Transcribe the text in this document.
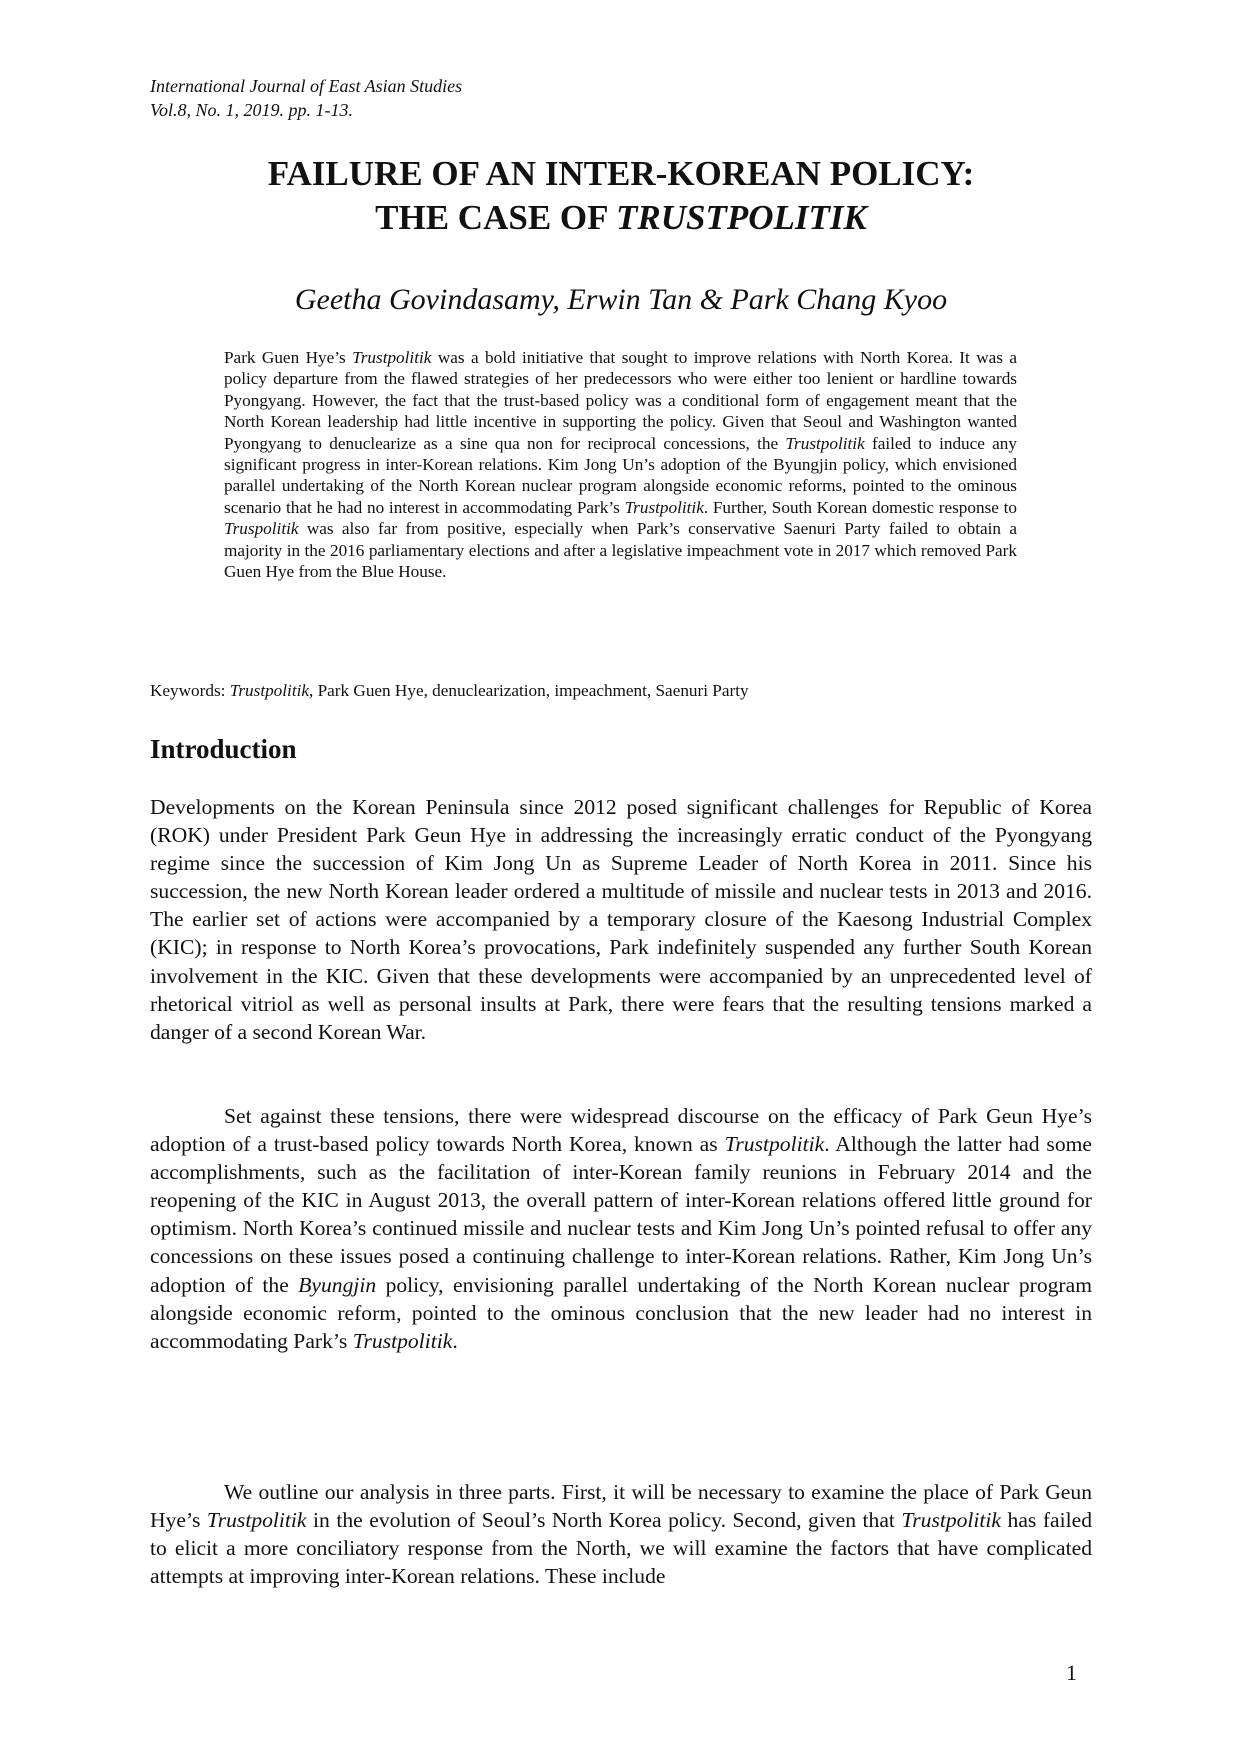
International Journal of East Asian Studies
Vol.8, No. 1, 2019. pp. 1-13.
FAILURE OF AN INTER-KOREAN POLICY:
THE CASE OF TRUSTPOLITIK
Geetha Govindasamy, Erwin Tan & Park Chang Kyoo
Park Guen Hye’s Trustpolitik was a bold initiative that sought to improve relations with North Korea. It was a policy departure from the flawed strategies of her predecessors who were either too lenient or hardline towards Pyongyang. However, the fact that the trust-based policy was a conditional form of engagement meant that the North Korean leadership had little incentive in supporting the policy. Given that Seoul and Washington wanted Pyongyang to denuclearize as a sine qua non for reciprocal concessions, the Trustpolitik failed to induce any significant progress in inter-Korean relations. Kim Jong Un’s adoption of the Byungjin policy, which envisioned parallel undertaking of the North Korean nuclear program alongside economic reforms, pointed to the ominous scenario that he had no interest in accommodating Park’s Trustpolitik. Further, South Korean domestic response to Truspolitik was also far from positive, especially when Park’s conservative Saenuri Party failed to obtain a majority in the 2016 parliamentary elections and after a legislative impeachment vote in 2017 which removed Park Guen Hye from the Blue House.
Keywords: Trustpolitik, Park Guen Hye, denuclearization, impeachment, Saenuri Party
Introduction
Developments on the Korean Peninsula since 2012 posed significant challenges for Republic of Korea (ROK) under President Park Geun Hye in addressing the increasingly erratic conduct of the Pyongyang regime since the succession of Kim Jong Un as Supreme Leader of North Korea in 2011. Since his succession, the new North Korean leader ordered a multitude of missile and nuclear tests in 2013 and 2016. The earlier set of actions were accompanied by a temporary closure of the Kaesong Industrial Complex (KIC); in response to North Korea’s provocations, Park indefinitely suspended any further South Korean involvement in the KIC. Given that these developments were accompanied by an unprecedented level of rhetorical vitriol as well as personal insults at Park, there were fears that the resulting tensions marked a danger of a second Korean War.
Set against these tensions, there were widespread discourse on the efficacy of Park Geun Hye’s adoption of a trust-based policy towards North Korea, known as Trustpolitik. Although the latter had some accomplishments, such as the facilitation of inter-Korean family reunions in February 2014 and the reopening of the KIC in August 2013, the overall pattern of inter-Korean relations offered little ground for optimism. North Korea’s continued missile and nuclear tests and Kim Jong Un’s pointed refusal to offer any concessions on these issues posed a continuing challenge to inter-Korean relations. Rather, Kim Jong Un’s adoption of the Byungjin policy, envisioning parallel undertaking of the North Korean nuclear program alongside economic reform, pointed to the ominous conclusion that the new leader had no interest in accommodating Park’s Trustpolitik.
We outline our analysis in three parts. First, it will be necessary to examine the place of Park Geun Hye’s Trustpolitik in the evolution of Seoul’s North Korea policy. Second, given that Trustpolitik has failed to elicit a more conciliatory response from the North, we will examine the factors that have complicated attempts at improving inter-Korean relations. These include
1
